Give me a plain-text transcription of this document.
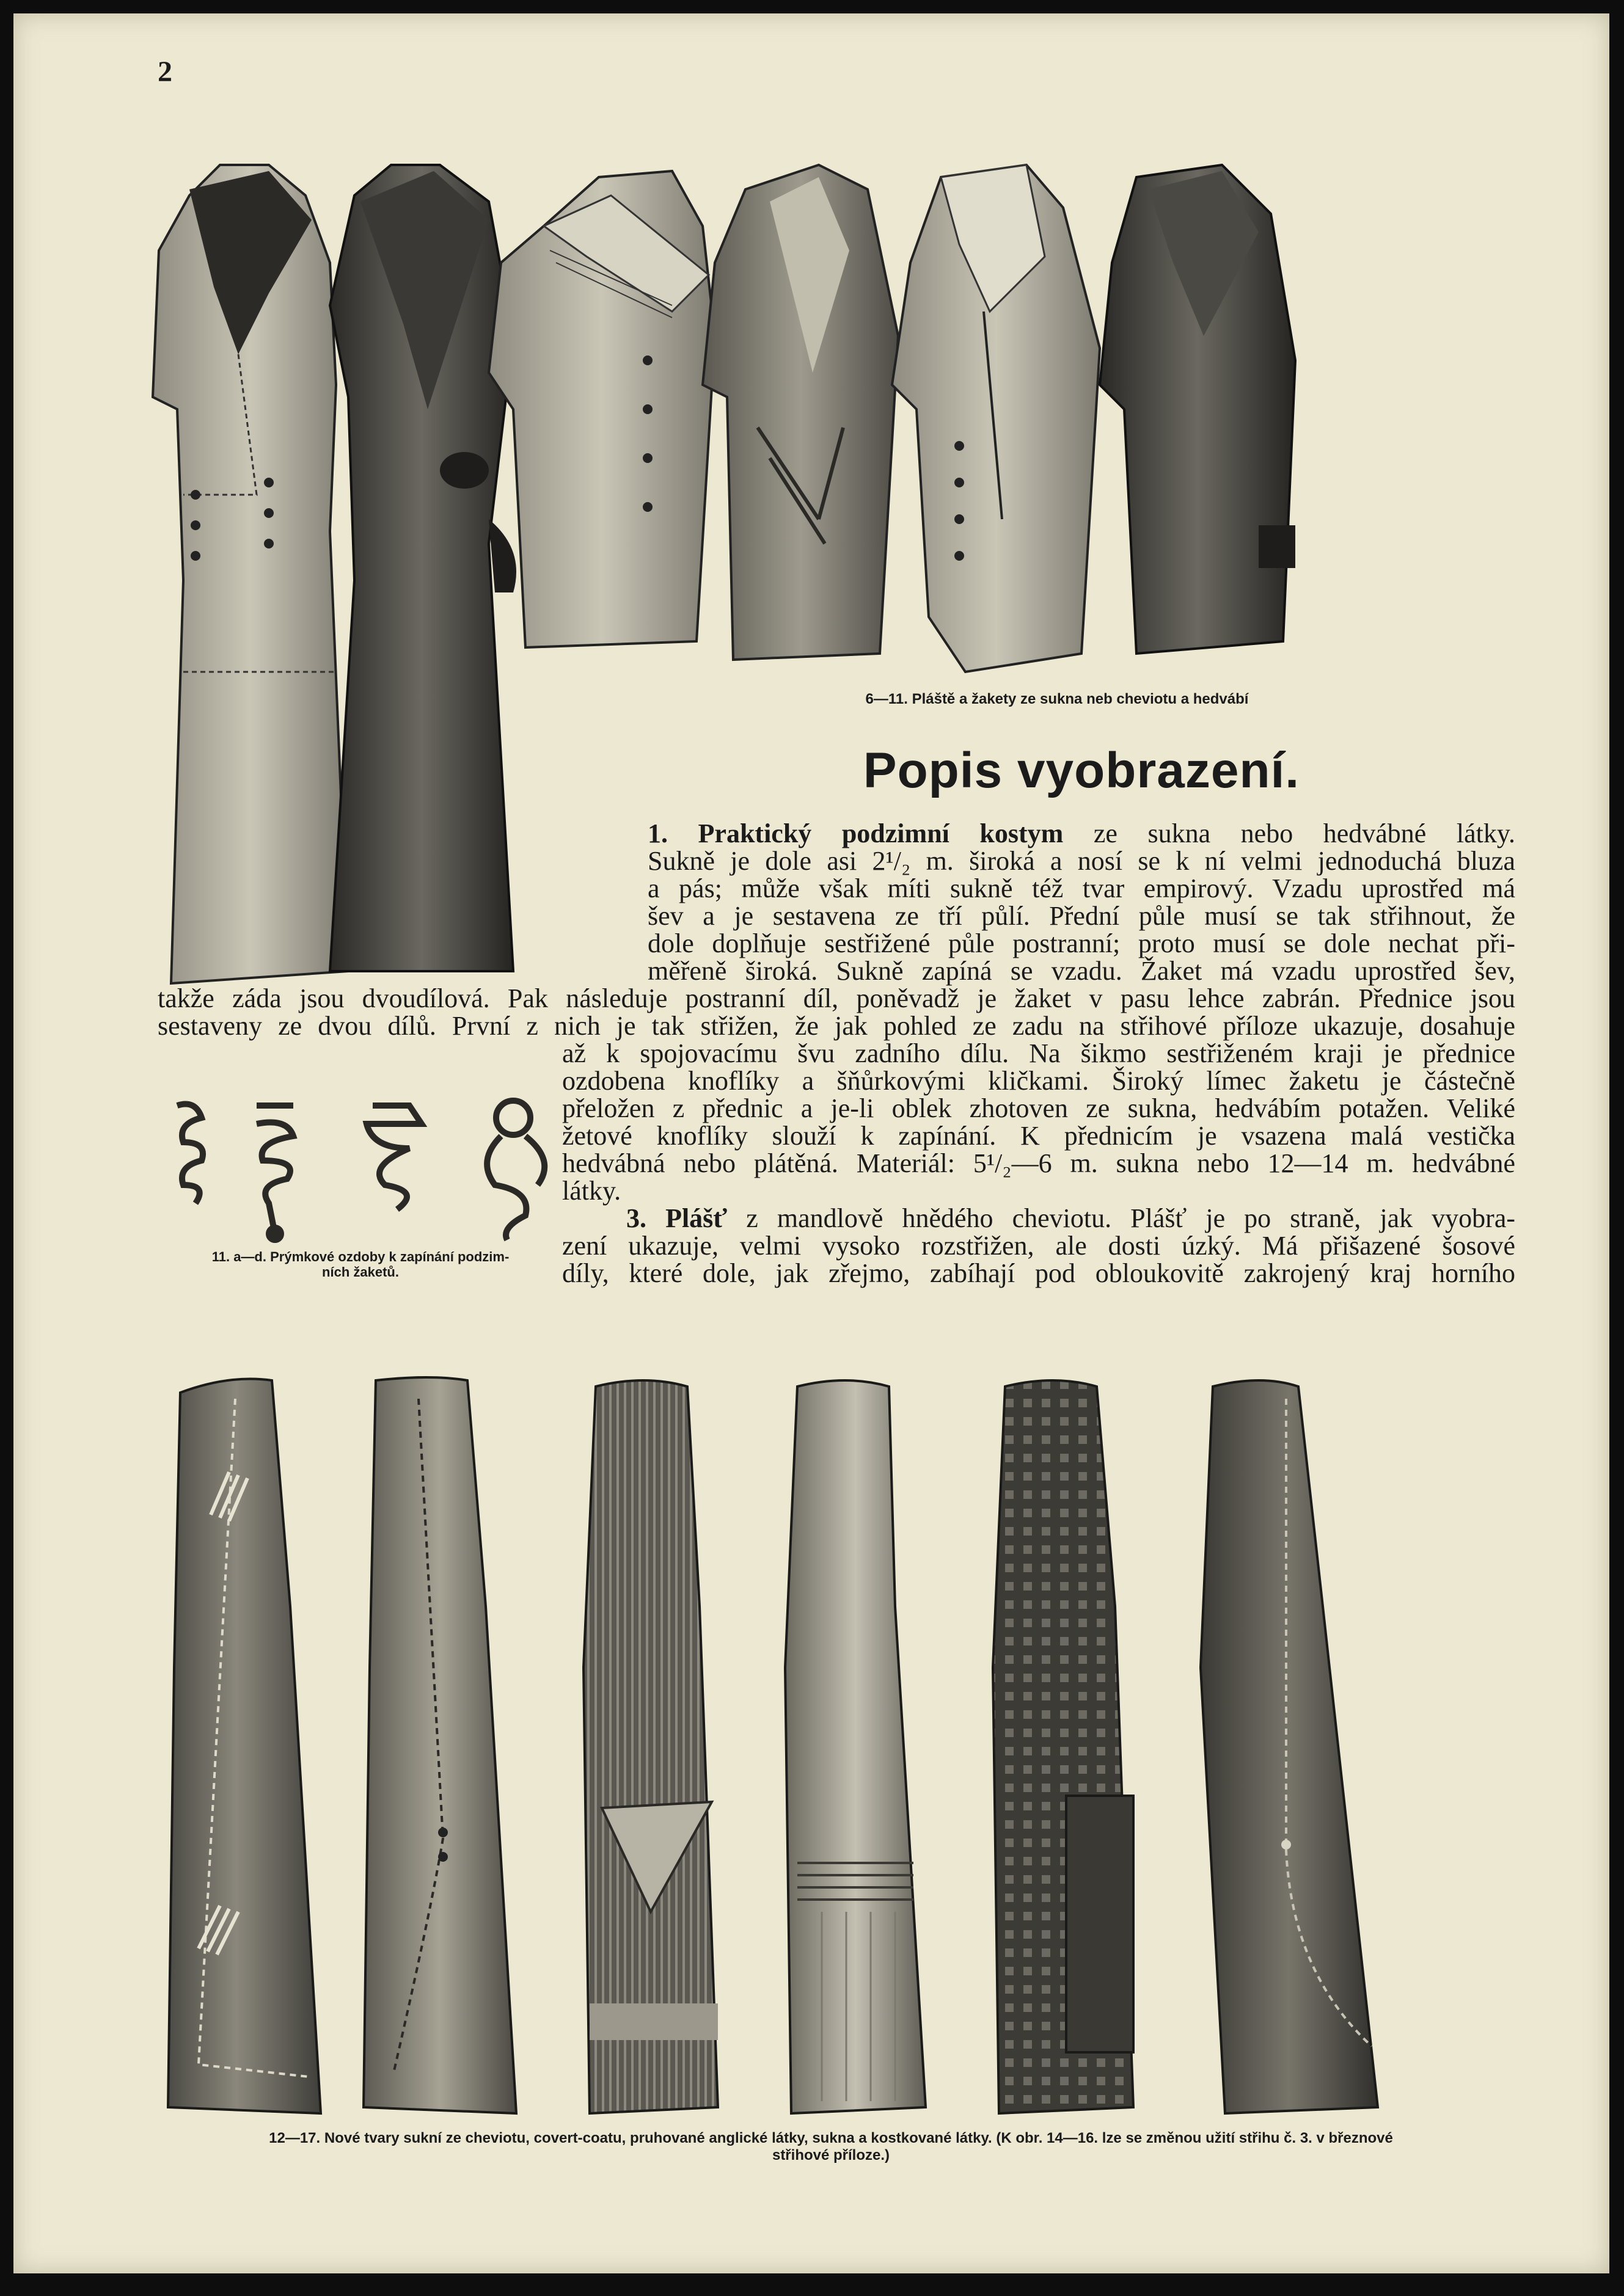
2
6—11. Pláště a žakety ze sukna neb cheviotu a hedvábí
Popis vyobrazení.
11. a—d. Prýmkové ozdoby k zapínání podzim-
ních žaketů.
1. Praktický podzimní kostym ze sukna nebo hedvábné látky.
Sukně je dole asi 2¹/₂ m. široká a nosí se k ní velmi jednoduchá bluza
a pás; může však míti sukně též tvar empirový. Vzadu uprostřed má
šev a je sestavena ze tří půlí. Přední půle musí se tak střihnout, že
dole doplňuje sestřižené půle postranní; proto musí se dole nechat při-
měřeně široká. Sukně zapíná se vzadu. Žaket má vzadu uprostřed šev,
takže záda jsou dvoudílová. Pak následuje postranní díl, poněvadž je žaket v pasu lehce zabrán. Přednice jsou
sestaveny ze dvou dílů. První z nich je tak střižen, že jak pohled ze zadu na střihové příloze ukazuje, dosahuje
až k spojovacímu švu zadního dílu. Na šikmo sestřiženém kraji je přednice
ozdobena knoflíky a šňůrkovými kličkami. Široký límec žaketu je částečně
přeložen z přednic a je-li oblek zhotoven ze sukna, hedvábím potažen. Veliké
žetové knoflíky slouží k zapínání. K přednicím je vsazena malá vestička
hedvábná nebo plátěná. Materiál: 5¹/₂—6 m. sukna nebo 12—14 m. hedvábné
látky.
3. Plášť z mandlově hnědého cheviotu. Plášť je po straně, jak vyobra-
zení ukazuje, velmi vysoko rozstřižen, ale dosti úzký. Má přišazené šosové
díly, které dole, jak zřejmo, zabíhají pod obloukovitě zakrojený kraj horního
12—17. Nové tvary sukní ze cheviotu, covert-coatu, pruhované anglické látky, sukna a kostkované látky. (K obr. 14—16. lze se změnou užití střihu č. 3. v březnové
střihové příloze.)
